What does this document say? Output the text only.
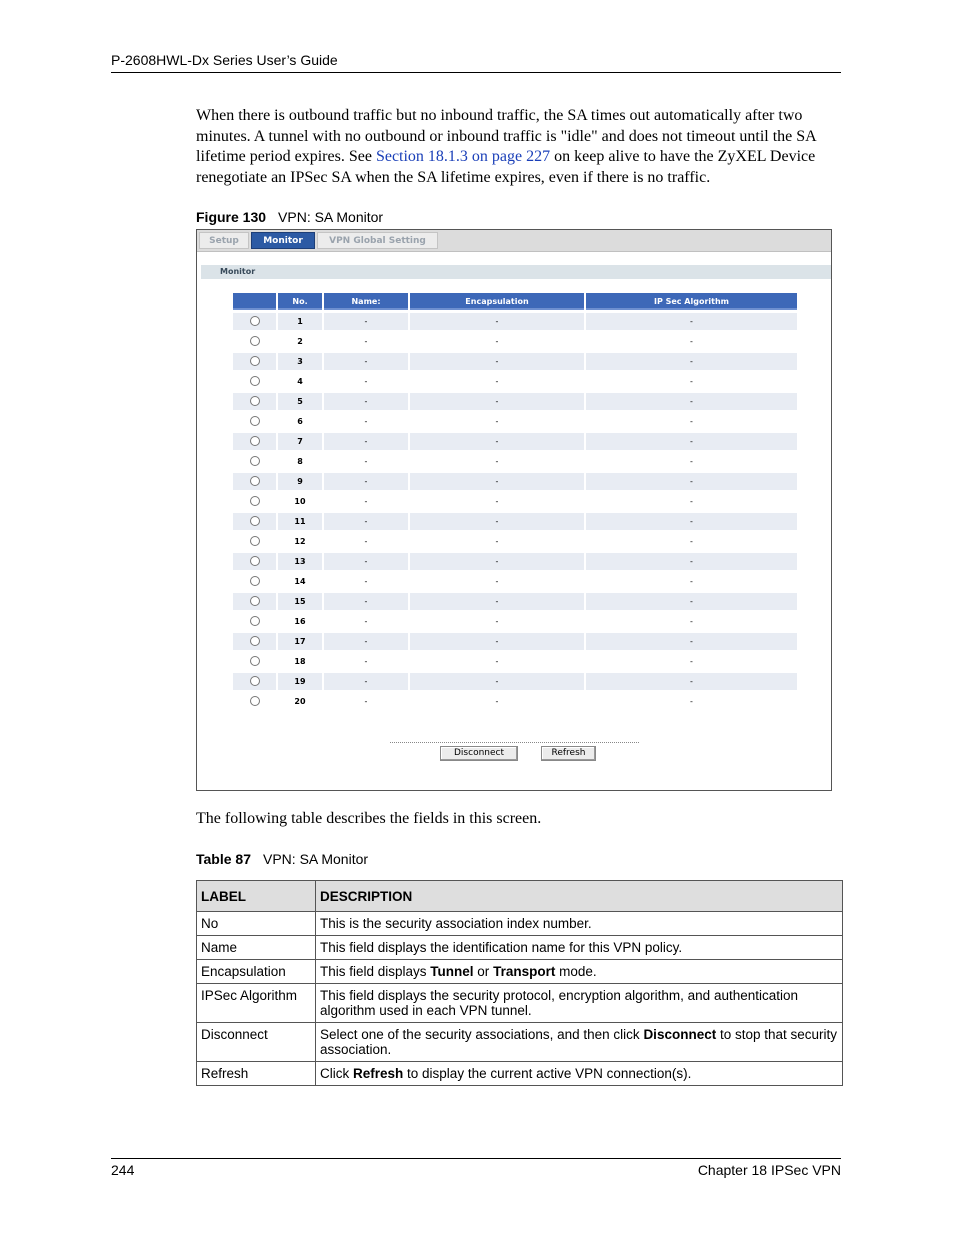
P-2608HWL-Dx Series User’s Guide
When there is outbound traffic but no inbound traffic, the SA times out automatically after two minutes. A tunnel with no outbound or inbound traffic is "idle" and does not timeout until the SA lifetime period expires. See Section 18.1.3 on page 227 on keep alive to have the ZyXEL Device renegotiate an IPSec SA when the SA lifetime expires, even if there is no traffic.
Figure 130 VPN: SA Monitor
Setup	Monitor	VPN Global Setting
Monitor
No.	Name:	Encapsulation	IP Sec Algorithm
1	-	-	-
2	-	-	-
3	-	-	-
4	-	-	-
5	-	-	-
6	-	-	-
7	-	-	-
8	-	-	-
9	-	-	-
10	-	-	-
11	-	-	-
12	-	-	-
13	-	-	-
14	-	-	-
15	-	-	-
16	-	-	-
17	-	-	-
18	-	-	-
19	-	-	-
20	-	-	-
Disconnect	Refresh
The following table describes the fields in this screen.
Table 87 VPN: SA Monitor
LABEL	DESCRIPTION
No	This is the security association index number.
Name	This field displays the identification name for this VPN policy.
Encapsulation	This field displays Tunnel or Transport mode.
IPSec Algorithm	This field displays the security protocol, encryption algorithm, and authentication algorithm used in each VPN tunnel.
Disconnect	Select one of the security associations, and then click Disconnect to stop that security association.
Refresh	Click Refresh to display the current active VPN connection(s).
244	Chapter 18 IPSec VPN
